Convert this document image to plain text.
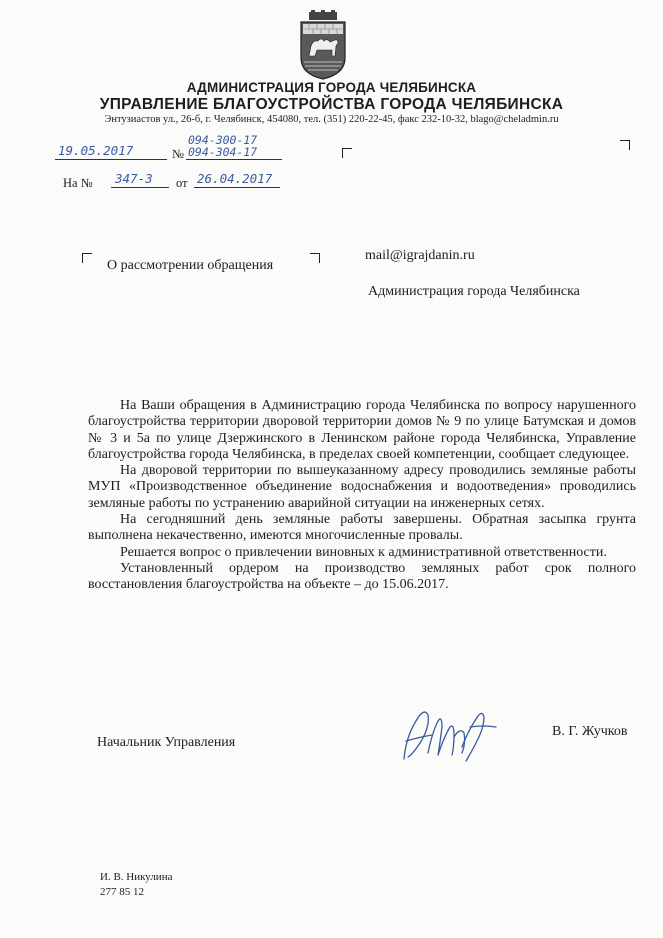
АДМИНИСТРАЦИЯ ГОРОДА ЧЕЛЯБИНСКА
УПРАВЛЕНИЕ БЛАГОУСТРОЙСТВА ГОРОДА ЧЕЛЯБИНСКА
Энтузиастов ул., 26-б, г. Челябинск, 454080, тел. (351) 220-22-45, факс 232-10-32, blago@cheladmin.ru
19.05.2017	№
094-300-17
094-304-17
На № 347-3 от 26.04.2017
О рассмотрении обращения
mail@igrajdanin.ru
Администрация города Челябинска

На Ваши обращения в Администрацию города Челябинска по вопросу нарушенного благоустройства территории дворовой территории домов № 9 по улице Батумская и домов № 3 и 5а по улице Дзержинского в Ленинском районе города Челябинска, Управление благоустройства города Челябинска, в пределах своей компетенции, сообщает следующее.

На дворовой территории по вышеуказанному адресу проводились земляные работы МУП «Производственное объединение водоснабжения и водоотведения» проводились земляные работы по устранению аварийной ситуации на инженерных сетях.

На сегодняшний день земляные работы завершены. Обратная засыпка грунта выполнена некачественно, имеются многочисленные провалы.

Решается вопрос о привлечении виновных к административной ответственности.

Установленный ордером на производство земляных работ срок полного восстановления благоустройства на объекте – до 15.06.2017.

Начальник Управления
В. Г. Жучков
И. В. Никулина
277 85 12
